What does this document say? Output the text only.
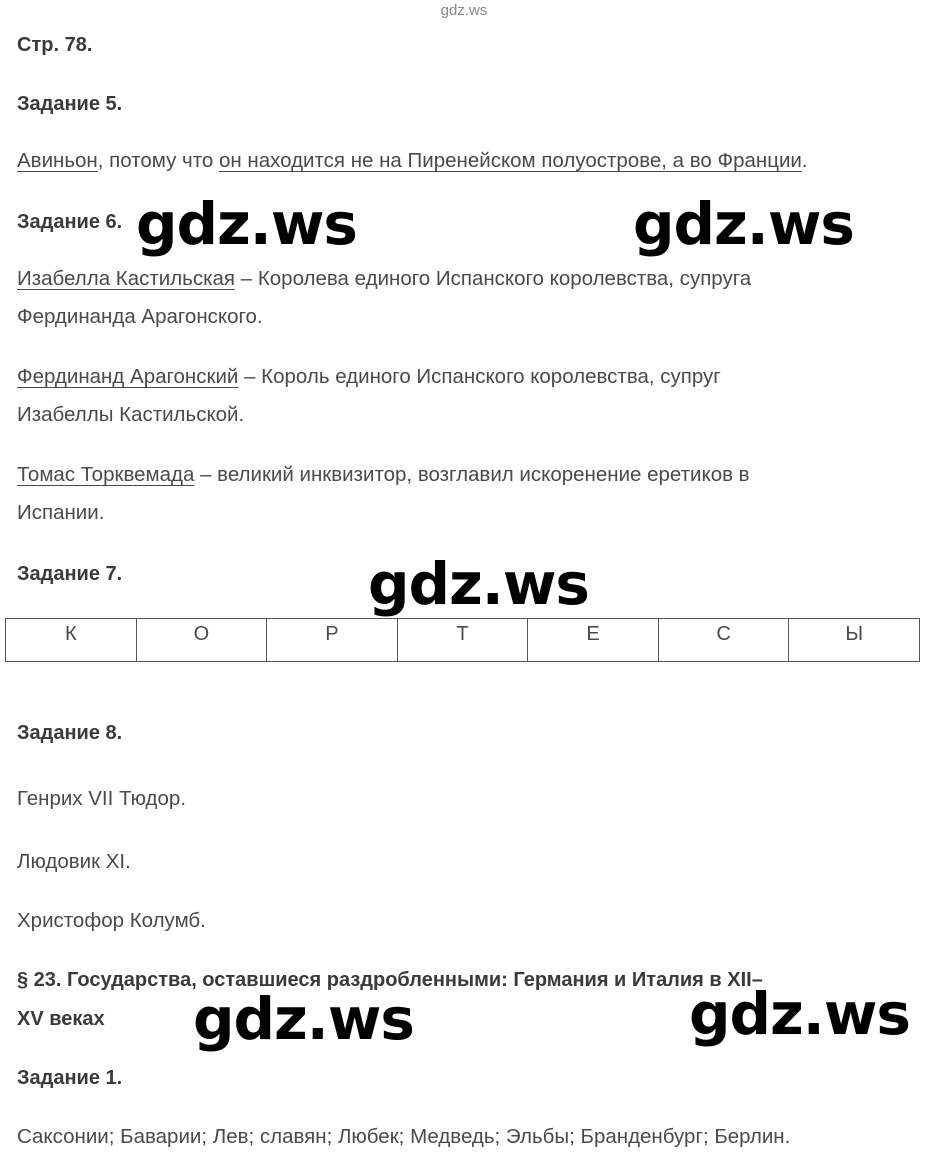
gdz.ws
Стр. 78.
Задание 5.
Авиньон, потому что он находится не на Пиренейском полуострове, а во Франции.
Задание 6.
Изабелла Кастильская – Королева единого Испанского королевства, супруга
Фердинанда Арагонского.
Фердинанд Арагонский – Король единого Испанского королевства, супруг
Изабеллы Кастильской.
Томас Торквемада – великий инквизитор, возглавил искоренение еретиков в
Испании.
Задание 7.
К	О	Р	Т	Е	С	Ы
Задание 8.
Генрих VII Тюдор.
Людовик XI.
Христофор Колумб.
§ 23. Государства, оставшиеся раздробленными: Германия и Италия в XII–
XV веках
Задание 1.
Саксонии; Баварии; Лев; славян; Любек; Медведь; Эльбы; Бранденбург; Берлин.
gdz.ws	gdz.ws
gdz.ws
gdz.ws	gdz.ws
